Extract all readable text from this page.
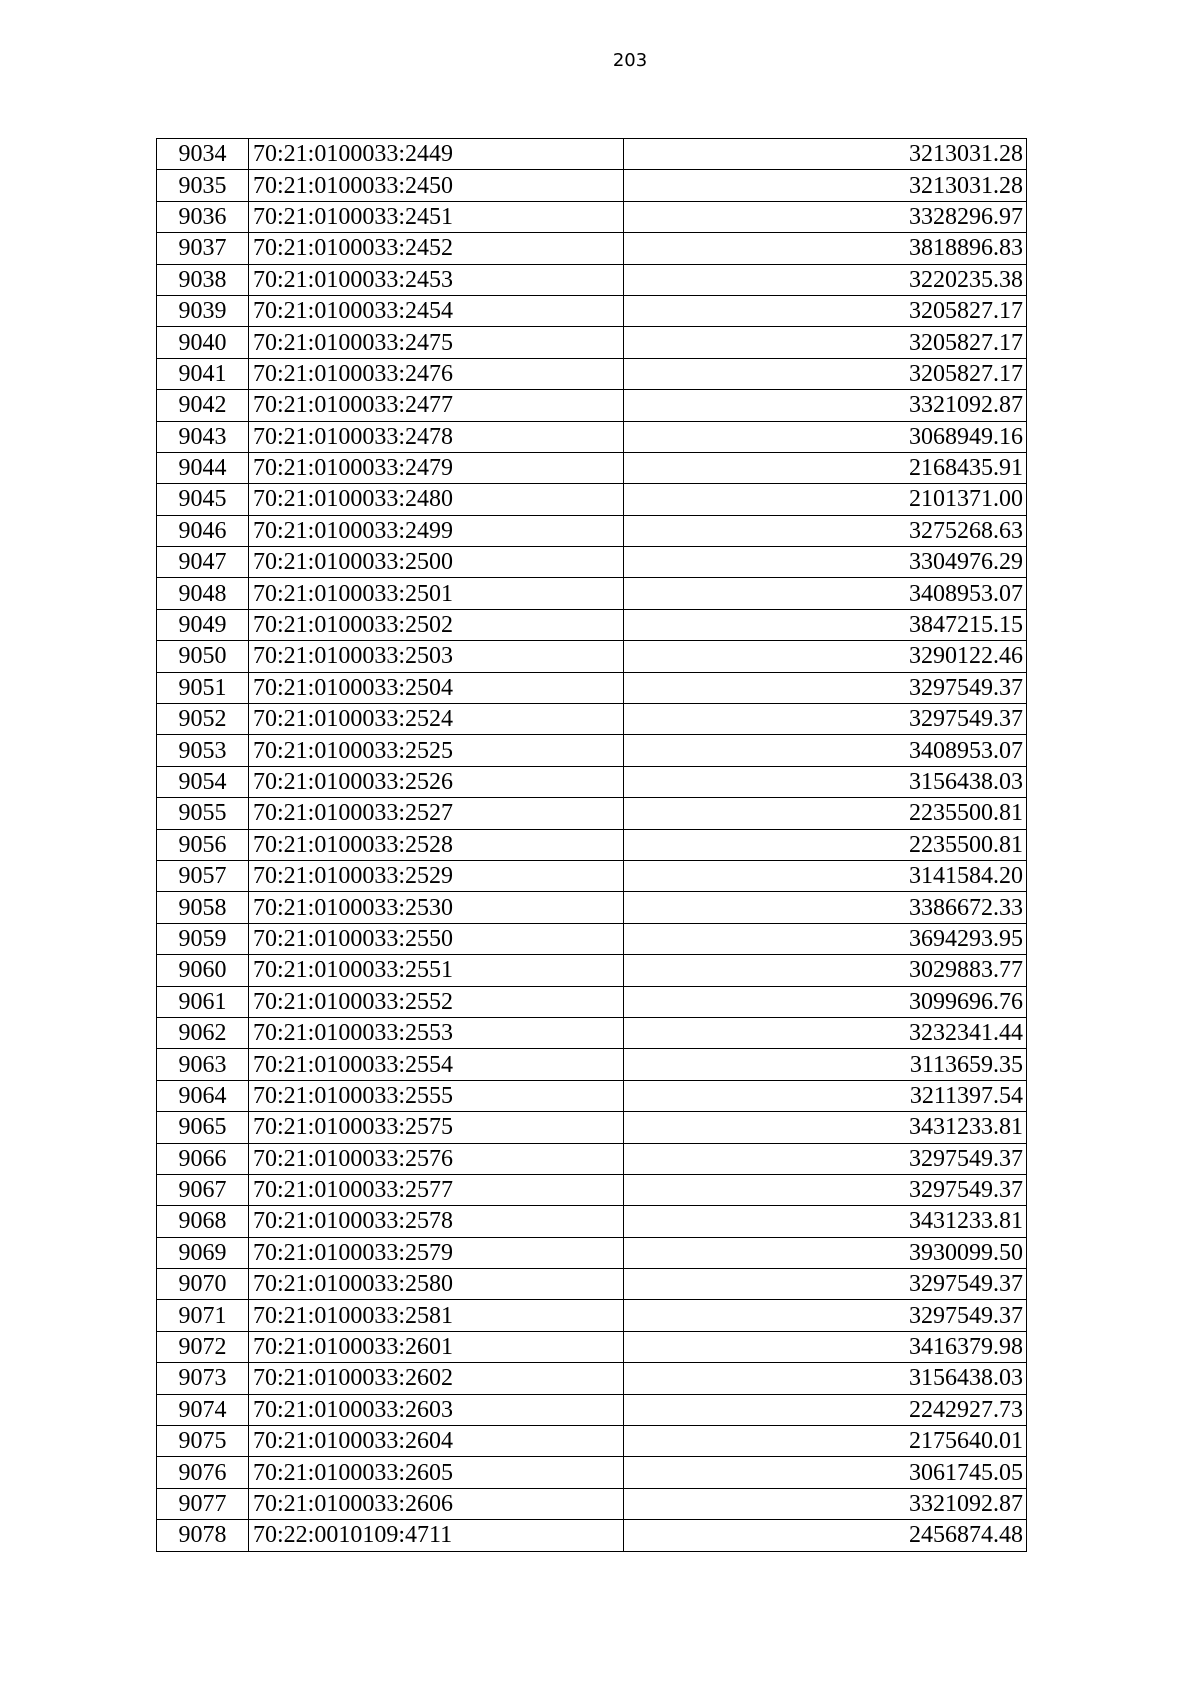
203
9034	70:21:0100033:2449	3213031.28
9035	70:21:0100033:2450	3213031.28
9036	70:21:0100033:2451	3328296.97
9037	70:21:0100033:2452	3818896.83
9038	70:21:0100033:2453	3220235.38
9039	70:21:0100033:2454	3205827.17
9040	70:21:0100033:2475	3205827.17
9041	70:21:0100033:2476	3205827.17
9042	70:21:0100033:2477	3321092.87
9043	70:21:0100033:2478	3068949.16
9044	70:21:0100033:2479	2168435.91
9045	70:21:0100033:2480	2101371.00
9046	70:21:0100033:2499	3275268.63
9047	70:21:0100033:2500	3304976.29
9048	70:21:0100033:2501	3408953.07
9049	70:21:0100033:2502	3847215.15
9050	70:21:0100033:2503	3290122.46
9051	70:21:0100033:2504	3297549.37
9052	70:21:0100033:2524	3297549.37
9053	70:21:0100033:2525	3408953.07
9054	70:21:0100033:2526	3156438.03
9055	70:21:0100033:2527	2235500.81
9056	70:21:0100033:2528	2235500.81
9057	70:21:0100033:2529	3141584.20
9058	70:21:0100033:2530	3386672.33
9059	70:21:0100033:2550	3694293.95
9060	70:21:0100033:2551	3029883.77
9061	70:21:0100033:2552	3099696.76
9062	70:21:0100033:2553	3232341.44
9063	70:21:0100033:2554	3113659.35
9064	70:21:0100033:2555	3211397.54
9065	70:21:0100033:2575	3431233.81
9066	70:21:0100033:2576	3297549.37
9067	70:21:0100033:2577	3297549.37
9068	70:21:0100033:2578	3431233.81
9069	70:21:0100033:2579	3930099.50
9070	70:21:0100033:2580	3297549.37
9071	70:21:0100033:2581	3297549.37
9072	70:21:0100033:2601	3416379.98
9073	70:21:0100033:2602	3156438.03
9074	70:21:0100033:2603	2242927.73
9075	70:21:0100033:2604	2175640.01
9076	70:21:0100033:2605	3061745.05
9077	70:21:0100033:2606	3321092.87
9078	70:22:0010109:4711	2456874.48
